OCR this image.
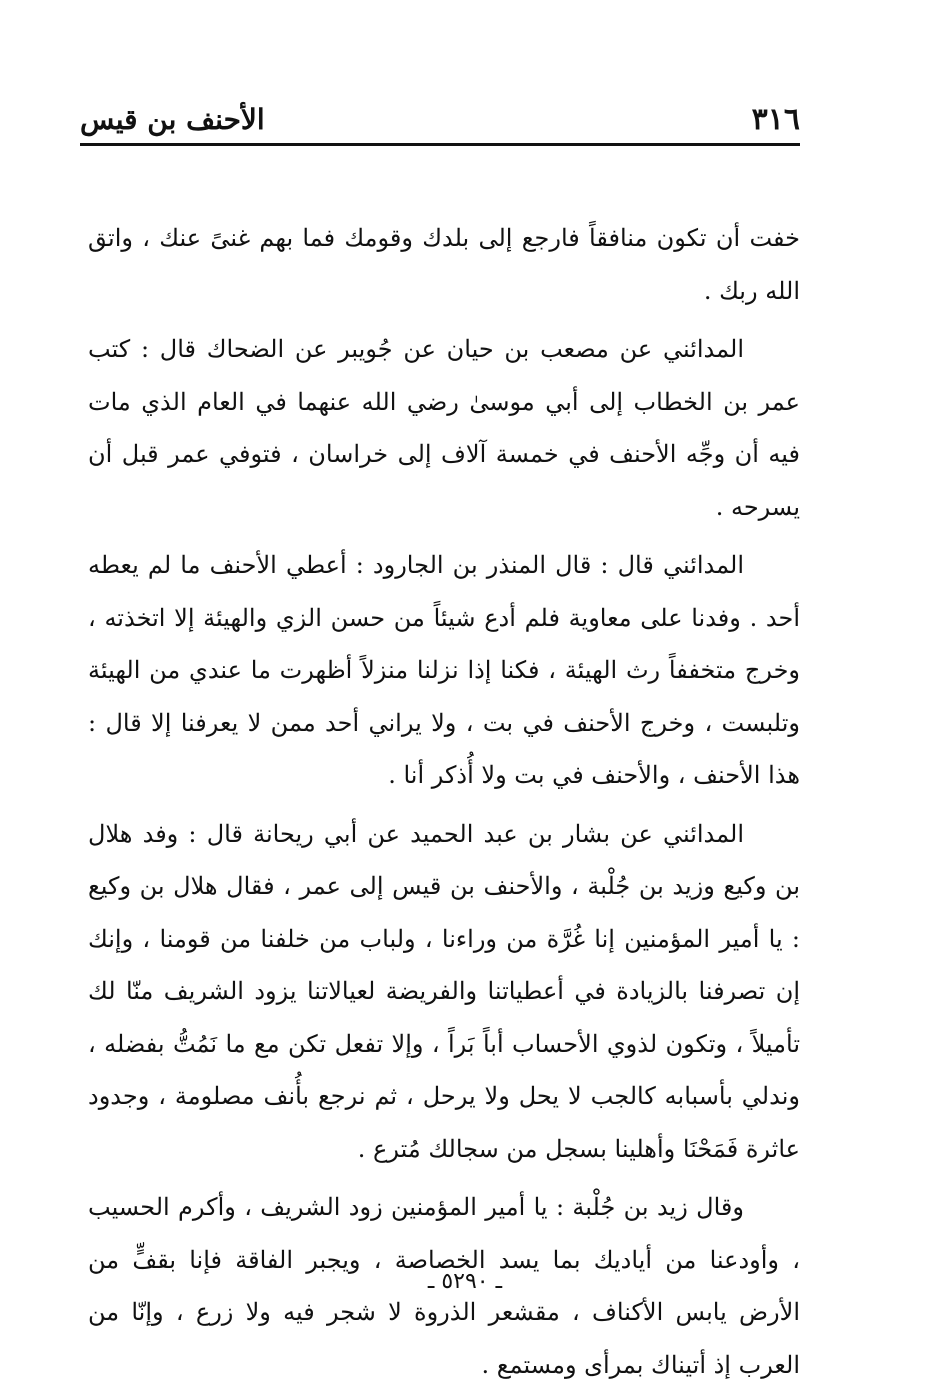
٣١٦
الأحنف بن قيس

خفت أن تكون منافقاً فارجع إلى بلدك وقومك فما بهم غنىً عنك ، واتق الله ربك .

المدائني عن مصعب بن حيان عن جُويبر عن الضحاك قال : كتب عمر بن الخطاب إلى أبي موسىٰ رضي الله عنهما في العام الذي مات فيه أن وجِّه الأحنف في خمسة آلاف إلى خراسان ، فتوفي عمر قبل أن يسرحه .

المدائني قال : قال المنذر بن الجارود : أعطي الأحنف ما لم يعطه أحد . وفدنا على معاوية فلم أدع شيئاً من حسن الزي والهيئة إلا اتخذته ، وخرج متخففاً رث الهيئة ، فكنا إذا نزلنا منزلاً أظهرت ما عندي من الهيئة وتلبست ، وخرج الأحنف في بت ، ولا يراني أحد ممن لا يعرفنا إلا قال : هذا الأحنف ، والأحنف في بت ولا أُذكر أنا .

المدائني عن بشار بن عبد الحميد عن أبي ريحانة قال : وفد هلال بن وكيع وزيد بن جُلْبة ، والأحنف بن قيس إلى عمر ، فقال هلال بن وكيع : يا أمير المؤمنين إنا غُرَّة من وراءنا ، ولباب من خلفنا من قومنا ، وإنك إن تصرفنا بالزيادة في أعطياتنا والفريضة لعيالاتنا يزود الشريف منّا لك تأميلاً ، وتكون لذوي الأحساب أباً بَراً ، وإلا تفعل تكن مع ما نَمُتُّ بفضله ، وندلي بأسبابه كالجب لا يحل ولا يرحل ، ثم نرجع بأُنف مصلومة ، وجدود عاثرة فَمَحْنَا وأهلينا بسجل من سجالك مُترع .

وقال زيد بن جُلْبة : يا أمير المؤمنين زود الشريف ، وأكرم الحسيب ، وأودعنا من أياديك بما يسد الخصاصة ، ويجبر الفاقة فإنا بقفٍّ من الأرض يابس الأكناف ، مقشعر الذروة لا شجر فيه ولا زرع ، وإنّا من العرب إذ أتيناك بمرأى ومستمع .

ـ ٥٢٩٠ ـ
